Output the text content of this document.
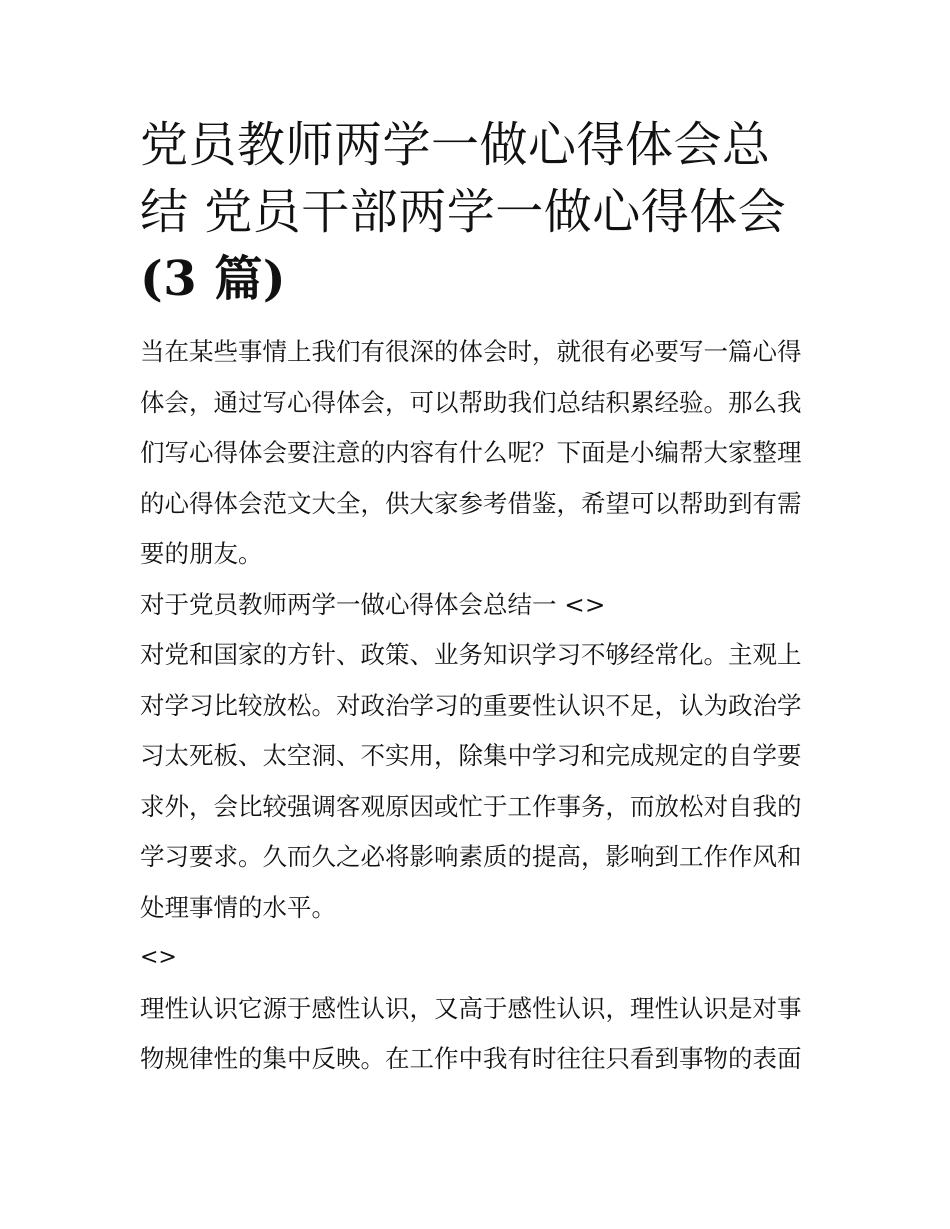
党员教师两学一做心得体会总
结 党员干部两学一做心得体会
(3 篇)

当在某些事情上我们有很深的体会时，就很有必要写一篇心得体会，通过写心得体会，可以帮助我们总结积累经验。那么我们写心得体会要注意的内容有什么呢？下面是小编帮大家整理的心得体会范文大全，供大家参考借鉴，希望可以帮助到有需要的朋友。

对于党员教师两学一做心得体会总结一 <>

对党和国家的方针、政策、业务知识学习不够经常化。主观上对学习比较放松。对政治学习的重要性认识不足，认为政治学习太死板、太空洞、不实用，除集中学习和完成规定的自学要求外，会比较强调客观原因或忙于工作事务，而放松对自我的学习要求。久而久之必将影响素质的提高，影响到工作作风和处理事情的水平。

<>

理性认识它源于感性认识，又高于感性认识，理性认识是对事物规律性的集中反映。在工作中我有时往往只看到事物的表面
